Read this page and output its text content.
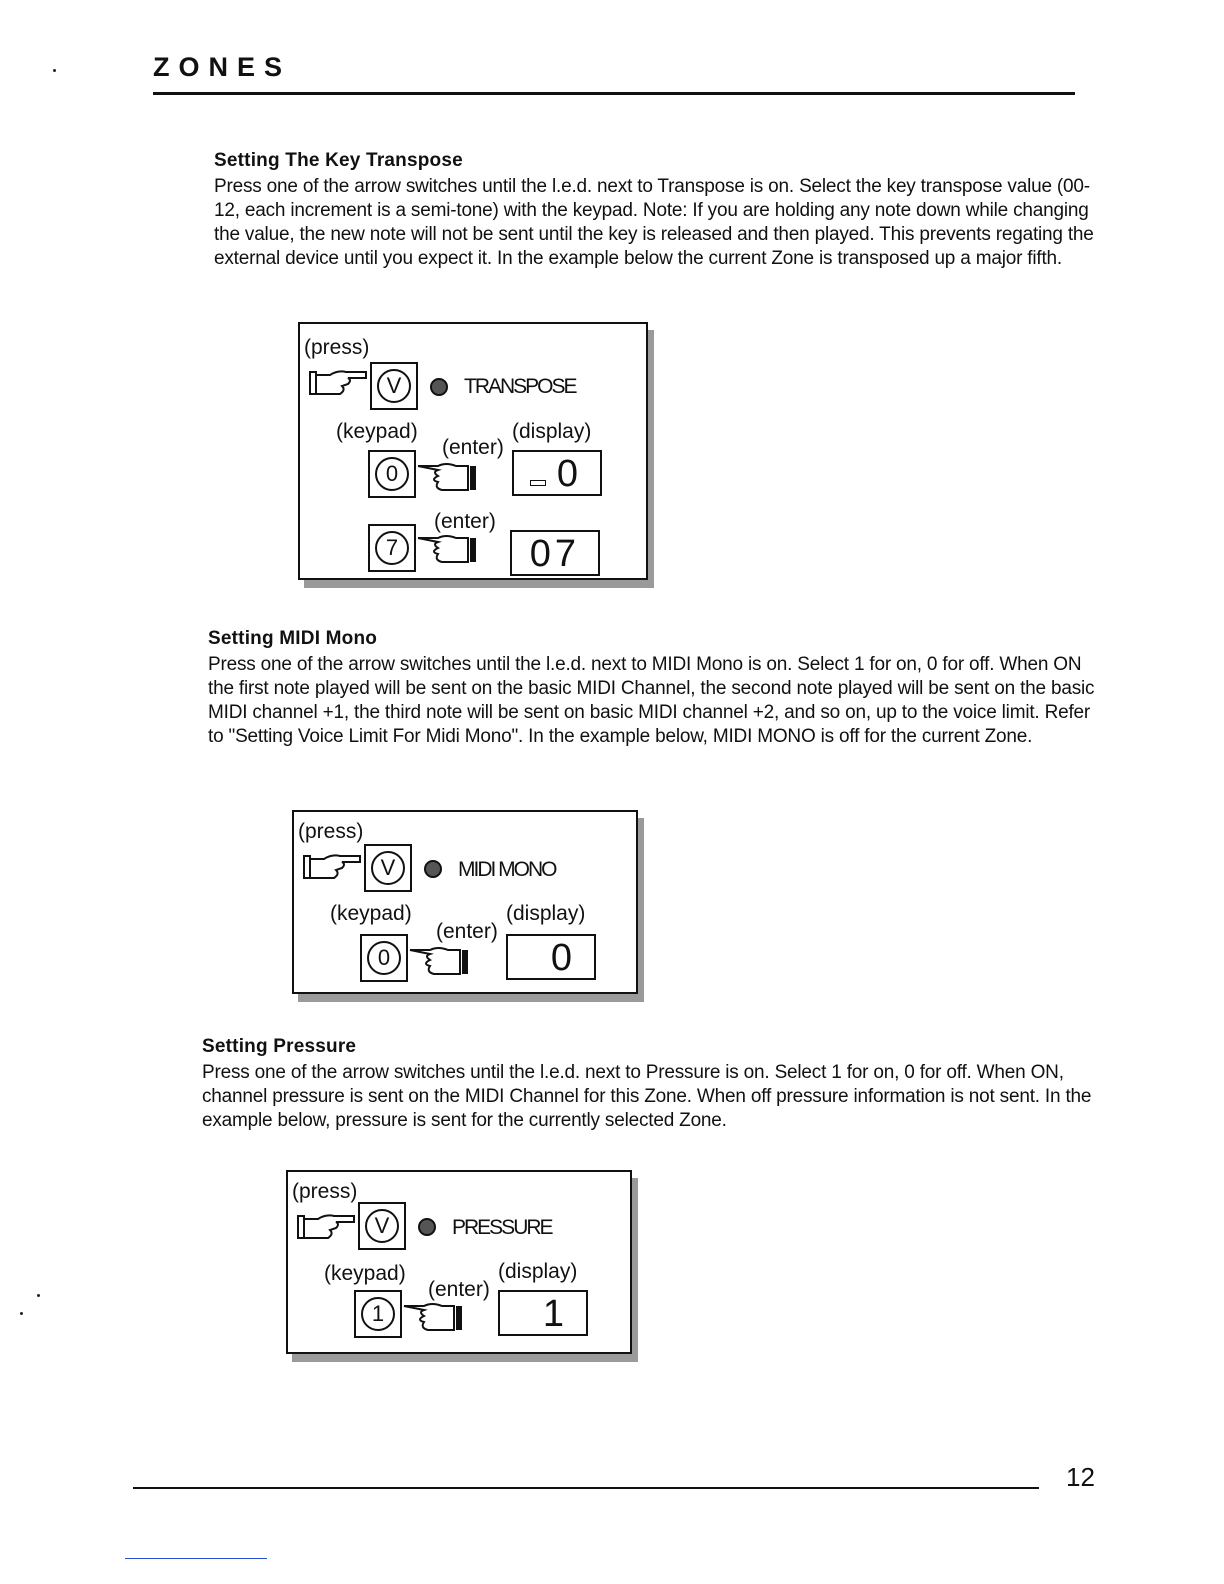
ZONES
Setting The Key Transpose

Press one of the arrow switches until the l.e.d. next to Transpose is on. Select the key transpose value (00-12, each increment is a semi-tone) with the keypad. Note: If you are holding any note down while changing the value, the new note will not be sent until the key is released and then played. This prevents regating the external device until you expect it. In the example below the current Zone is transposed up a major fifth.

(press)
V	TRANSPOSE
(keypad)
(enter)
(display)
0	0
(enter)
7	07
Setting MIDI Mono

Press one of the arrow switches until the l.e.d. next to MIDI Mono is on. Select 1 for on, 0 for off. When ON the first note played will be sent on the basic MIDI Channel, the second note played will be sent on the basic MIDI channel +1, the third note will be sent on basic MIDI channel +2, and so on, up to the voice limit. Refer to "Setting Voice Limit For Midi Mono". In the example below, MIDI MONO is off for the current Zone.

(press)
V	MIDI MONO
(keypad)
(enter)
(display)
0	0
Setting Pressure

Press one of the arrow switches until the l.e.d. next to Pressure is on. Select 1 for on, 0 for off. When ON, channel pressure is sent on the MIDI Channel for this Zone. When off pressure information is not sent. In the example below, pressure is sent for the currently selected Zone.

(press)
V	PRESSURE
(keypad)
(enter)
(display)
1	1
12
